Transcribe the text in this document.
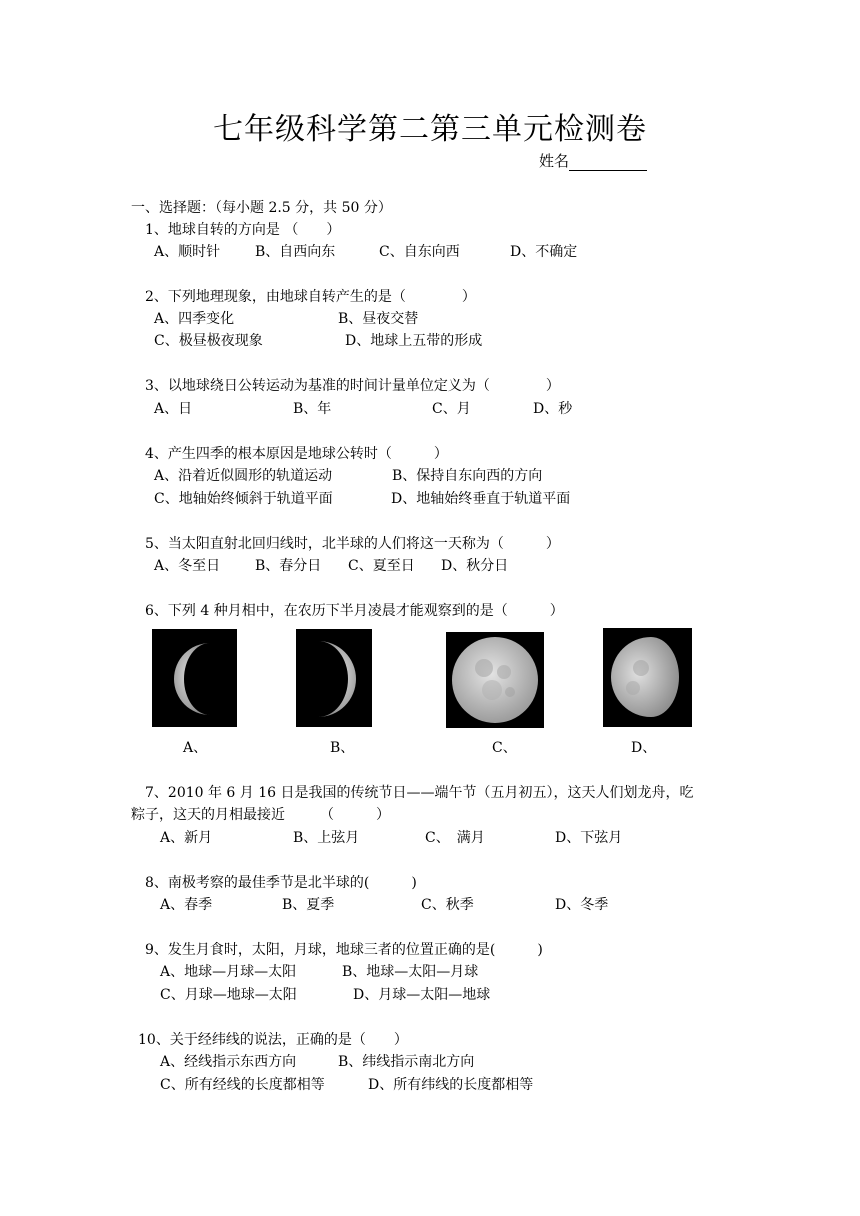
七年级科学第二第三单元检测卷
姓名
一、选择题：（每小题 2.5 分，共 50 分）
1、地球自转的方向是 （　　）
A、顺时针 B、自西向东	C、自东向西	D、不确定
2、下列地理现象，由地球自转产生的是（　　　　）
A、四季变化	B、昼夜交替
C、极昼极夜现象	D、地球上五带的形成
3、以地球绕日公转运动为基准的时间计量单位定义为（　　　　）
A、日	B、年	C、月	D、秒
4、产生四季的根本原因是地球公转时（　　　）
A、沿着近似圆形的轨道运动	B、保持自东向西的方向
C、地轴始终倾斜于轨道平面	D、地轴始终垂直于轨道平面
5、当太阳直射北回归线时，北半球的人们将这一天称为（　　　）
A、冬至日 B、春分日 C、夏至日 D、秋分日
6、下列 4 种月相中，在农历下半月凌晨才能观察到的是（　　　）
A、	B、	C、	D、
7、2010 年 6 月 16 日是我国的传统节日——端午节（五月初五），这天人们划龙舟，吃
粽子，这天的月相最接近　　　（　　　）
A、新月	B、上弦月	C、　满月	D、下弦月
8、南极考察的最佳季节是北半球的(　　　)
A、春季	B、夏季	C、秋季	D、冬季
9、发生月食时，太阳，月球，地球三者的位置正确的是(　　　)
A、地球—月球—太阳	B、地球—太阳—月球
C、月球—地球—太阳	D、月球—太阳—地球
10、关于经纬线的说法，正确的是（　　）
A、经线指示东西方向	B、纬线指示南北方向
C、所有经线的长度都相等	D、所有纬线的长度都相等
